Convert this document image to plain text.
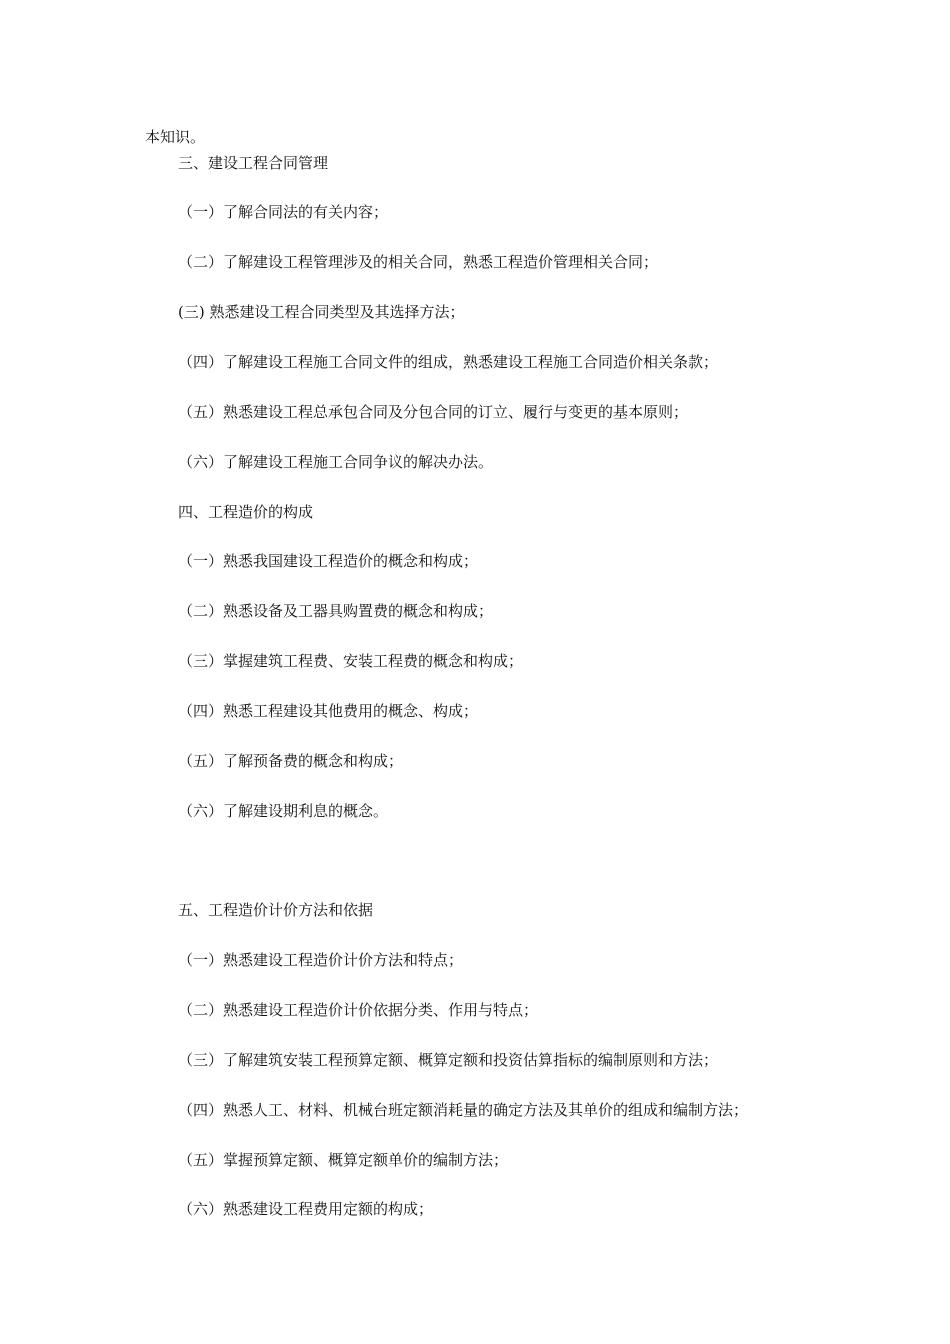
本知识。

三、建设工程合同管理

（一）了解合同法的有关内容；

（二）了解建设工程管理涉及的相关合同，熟悉工程造价管理相关合同；

(三) 熟悉建设工程合同类型及其选择方法；

（四）了解建设工程施工合同文件的组成，熟悉建设工程施工合同造价相关条款；

（五）熟悉建设工程总承包合同及分包合同的订立、履行与变更的基本原则；

（六）了解建设工程施工合同争议的解决办法。

四、工程造价的构成

（一）熟悉我国建设工程造价的概念和构成；

（二）熟悉设备及工器具购置费的概念和构成；

（三）掌握建筑工程费、安装工程费的概念和构成；

（四）熟悉工程建设其他费用的概念、构成；

（五）了解预备费的概念和构成；

（六）了解建设期利息的概念。

五、工程造价计价方法和依据

（一）熟悉建设工程造价计价方法和特点；

（二）熟悉建设工程造价计价依据分类、作用与特点；

（三）了解建筑安装工程预算定额、概算定额和投资估算指标的编制原则和方法；

（四）熟悉人工、材料、机械台班定额消耗量的确定方法及其单价的组成和编制方法；

（五）掌握预算定额、概算定额单价的编制方法；

（六）熟悉建设工程费用定额的构成；
